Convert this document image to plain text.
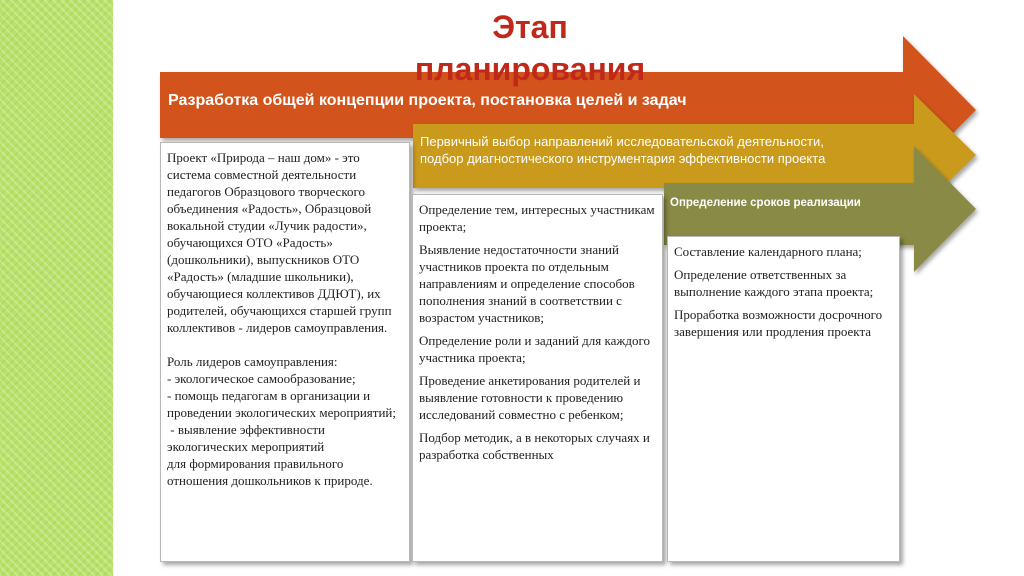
Этап
планирования
Разработка общей концепции проекта, постановка целей и задач
Первичный выбор направлений исследовательской деятельности,
подбор диагностического инструментария эффективности проекта
Определение сроков реализации

Проект «Природа – наш дом» - это система совместной деятельности педагогов Образцового творческого объединения «Радость», Образцовой вокальной студии «Лучик радости», обучающихся ОТО «Радость» (дошкольники), выпускников ОТО «Радость» (младшие школьники), обучающиеся коллективов ДДЮТ), их родителей, обучающихся старшей групп коллективов - лидеров самоуправления.

Роль лидеров самоуправления:

- экологическое самообразование;

- помощь педагогам в организации и проведении экологических мероприятий;

- выявление эффективности экологических мероприятий

для формирования правильного отношения дошкольников к природе.

Определение тем, интересных участникам проекта;

Выявление недостаточности знаний участников проекта по отдельным направлениям и определение способов пополнения знаний в соответствии с возрастом участников;

Определение роли и заданий для каждого участника проекта;

Проведение анкетирования родителей и выявление готовности к проведению исследований совместно с ребенком;

Подбор методик, а в некоторых случаях и разработка собственных

Составление календарного плана;

Определение ответственных за выполнение каждого этапа проекта;

Проработка возможности досрочного завершения или продления проекта
